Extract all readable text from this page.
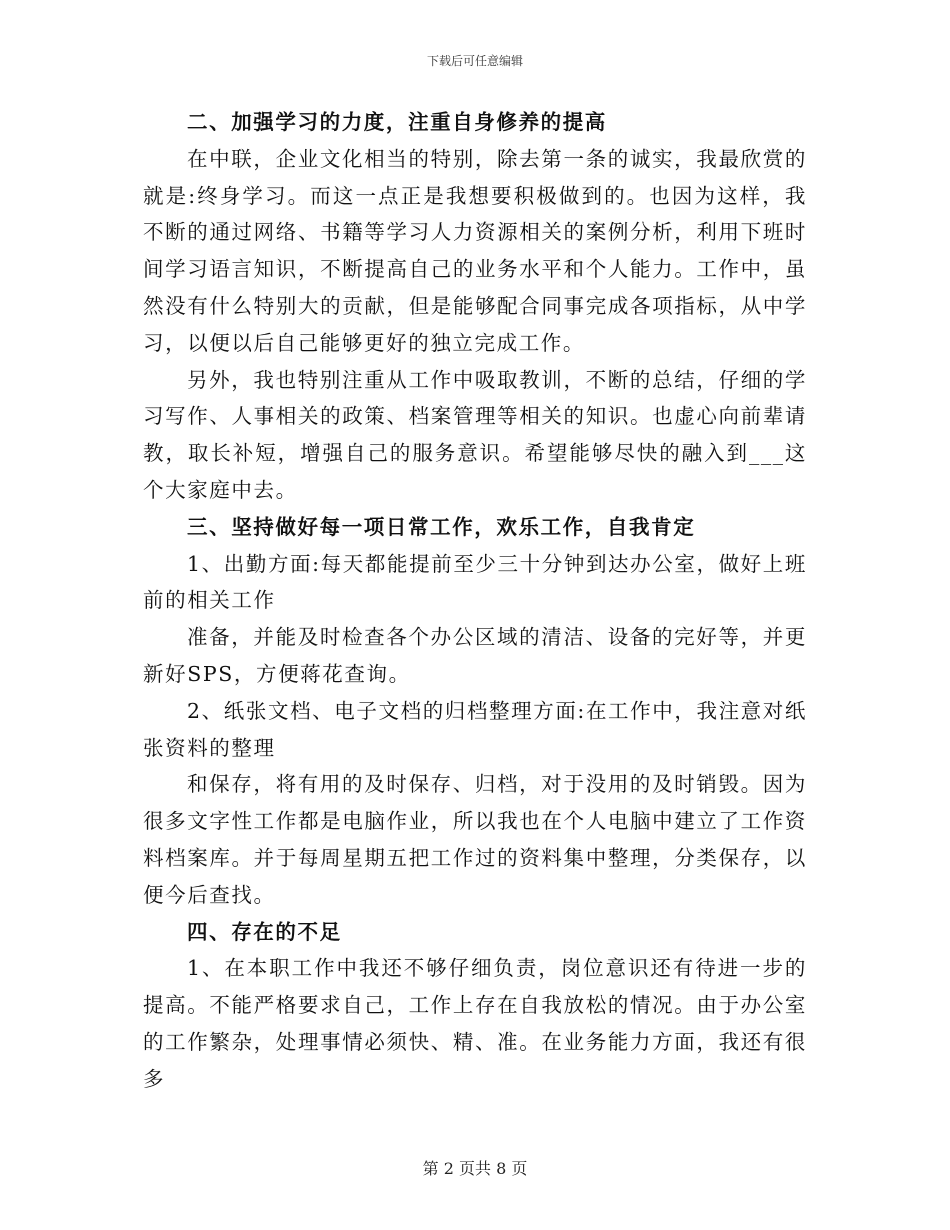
下载后可任意编辑

二、加强学习的力度，注重自身修养的提高

在中联，企业文化相当的特别，除去第一条的诚实，我最欣赏的就是:终身学习。而这一点正是我想要积极做到的。也因为这样，我不断的通过网络、书籍等学习人力资源相关的案例分析，利用下班时间学习语言知识，不断提高自己的业务水平和个人能力。工作中，虽然没有什么特别大的贡献，但是能够配合同事完成各项指标，从中学习，以便以后自己能够更好的独立完成工作。

另外，我也特别注重从工作中吸取教训，不断的总结，仔细的学习写作、人事相关的政策、档案管理等相关的知识。也虚心向前辈请教，取长补短，增强自己的服务意识。希望能够尽快的融入到___这个大家庭中去。

三、坚持做好每一项日常工作，欢乐工作，自我肯定

1、出勤方面:每天都能提前至少三十分钟到达办公室，做好上班前的相关工作

准备，并能及时检查各个办公区域的清洁、设备的完好等，并更新好SPS，方便蒋花查询。

2、纸张文档、电子文档的归档整理方面:在工作中，我注意对纸张资料的整理

和保存，将有用的及时保存、归档，对于没用的及时销毁。因为很多文字性工作都是电脑作业，所以我也在个人电脑中建立了工作资料档案库。并于每周星期五把工作过的资料集中整理，分类保存，以便今后查找。

四、存在的不足

1、在本职工作中我还不够仔细负责，岗位意识还有待进一步的提高。不能严格要求自己，工作上存在自我放松的情况。由于办公室的工作繁杂，处理事情必须快、精、准。在业务能力方面，我还有很多

第 2 页共 8 页
